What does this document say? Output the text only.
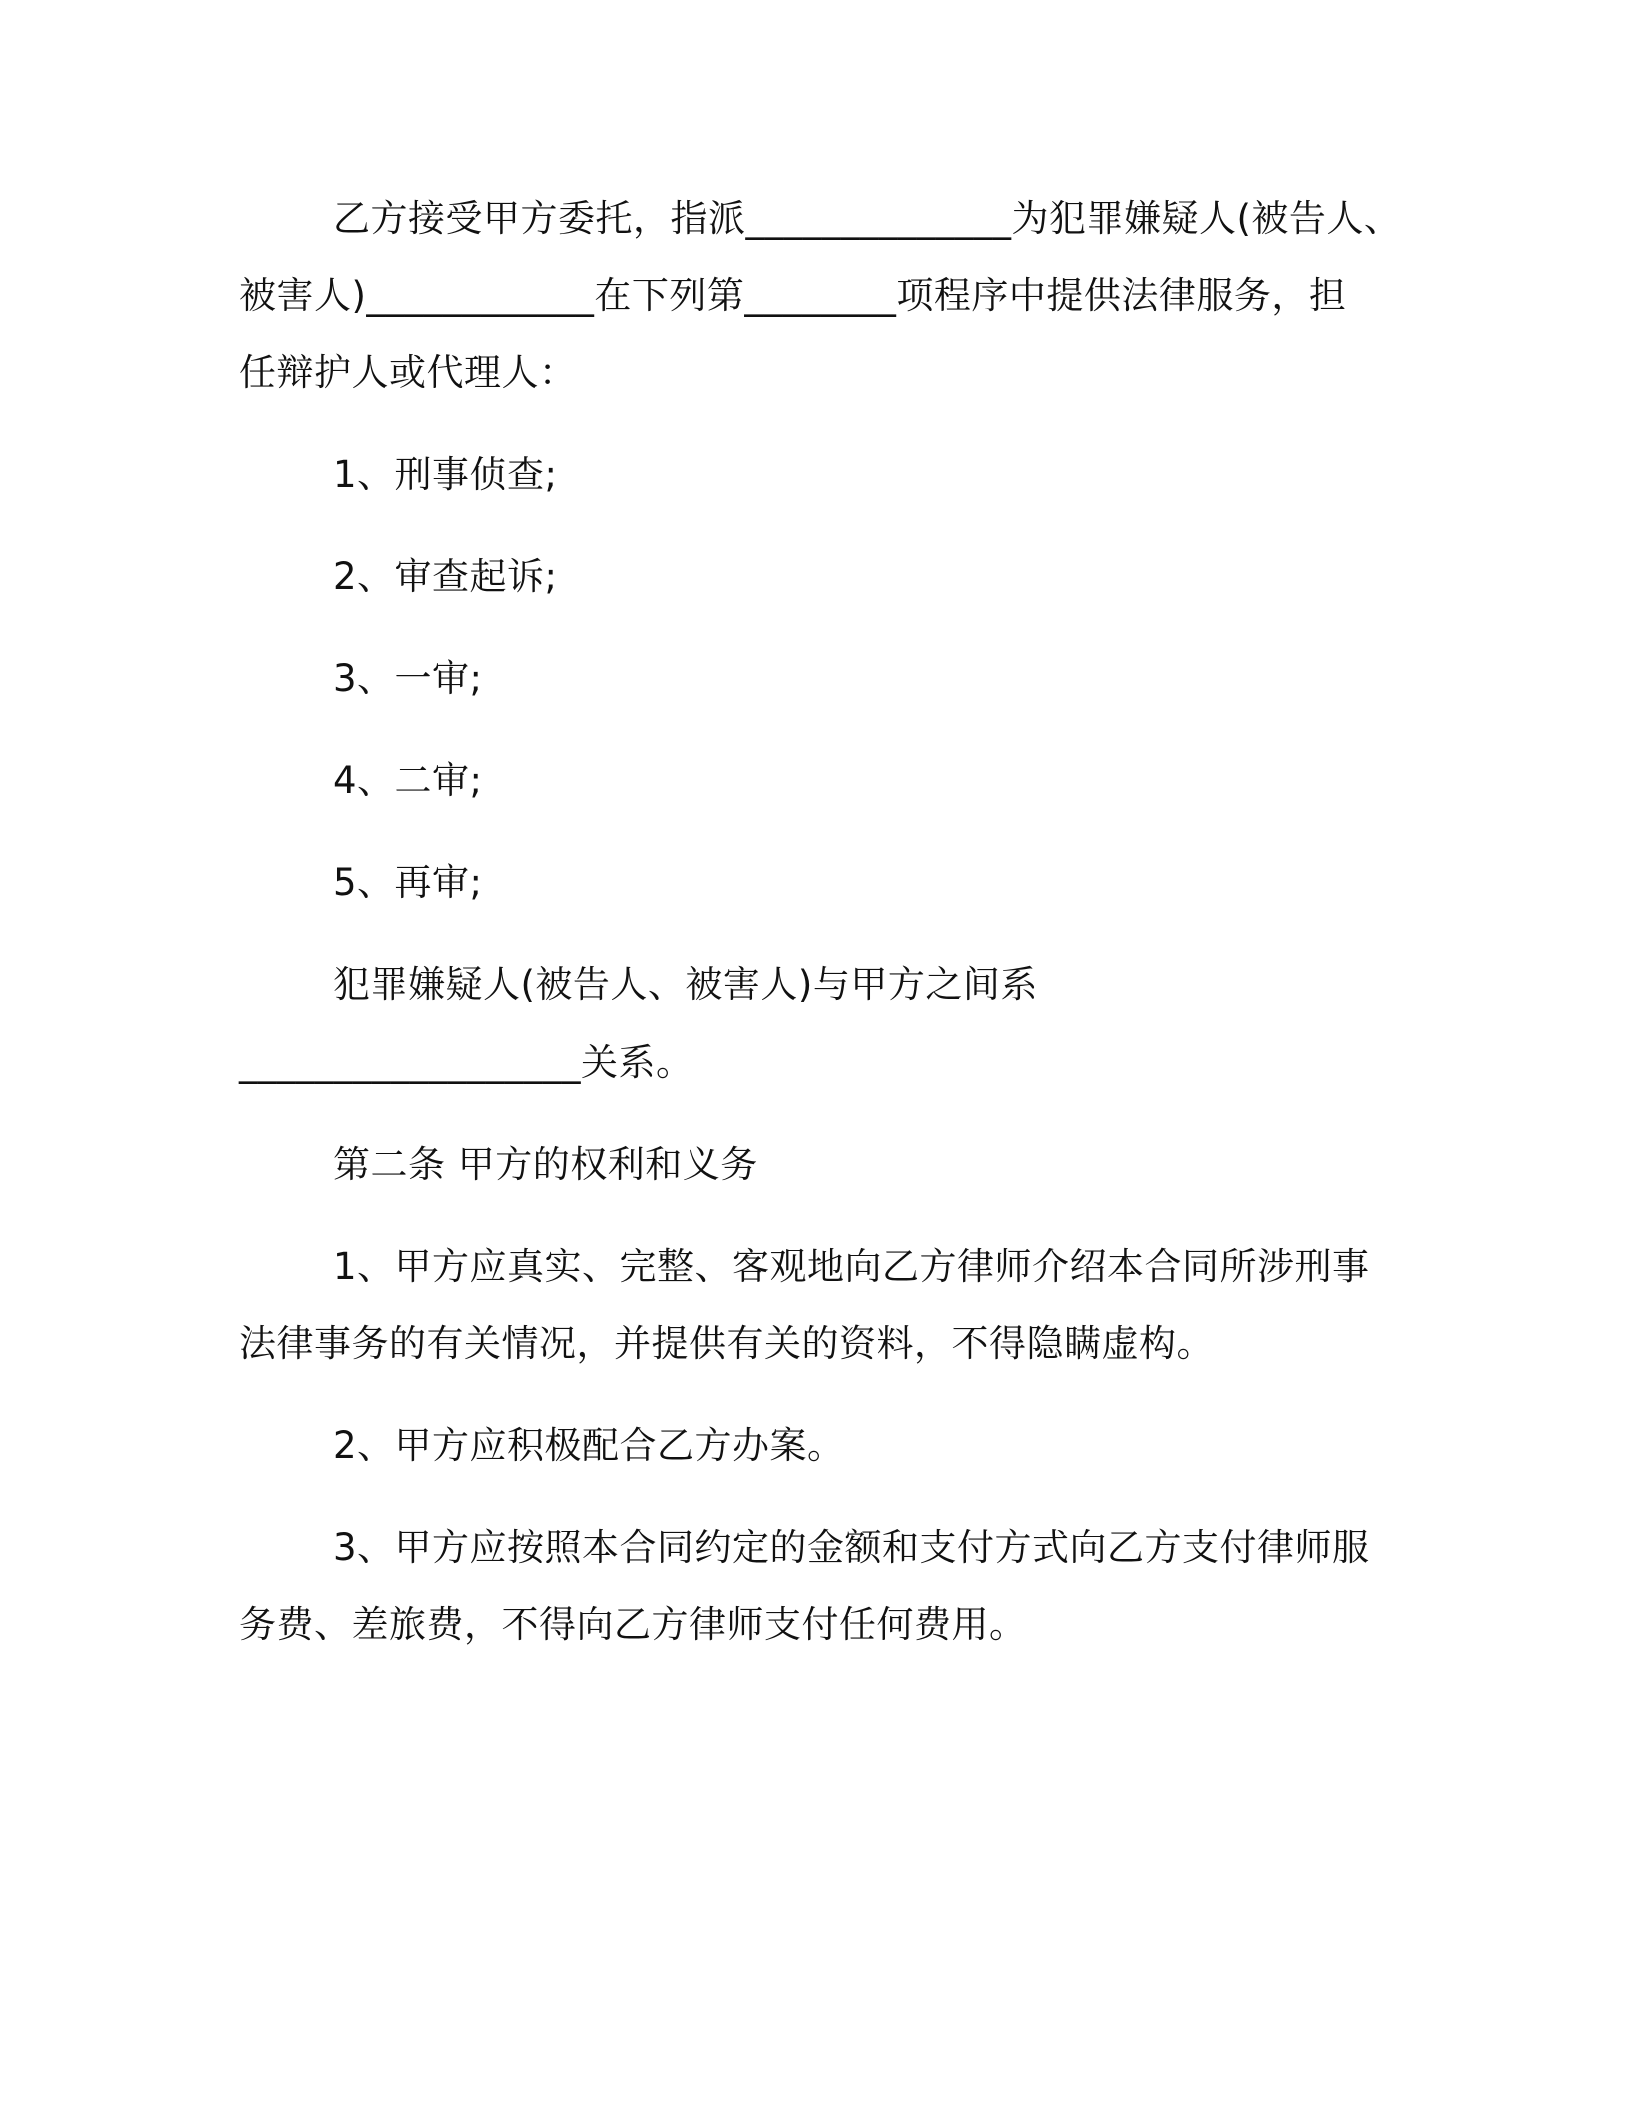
乙方接受甲方委托，指派______________为犯罪嫌疑人(被告人、
被害人)____________在下列第________项程序中提供法律服务，担
任辩护人或代理人：
1、刑事侦查;
2、审查起诉;
3、一审;
4、二审;
5、再审;
犯罪嫌疑人(被告人、被害人)与甲方之间系
__________________关系。
第二条 甲方的权利和义务
1、甲方应真实、完整、客观地向乙方律师介绍本合同所涉刑事
法律事务的有关情况，并提供有关的资料，不得隐瞒虚构。
2、甲方应积极配合乙方办案。
3、甲方应按照本合同约定的金额和支付方式向乙方支付律师服
务费、差旅费，不得向乙方律师支付任何费用。
